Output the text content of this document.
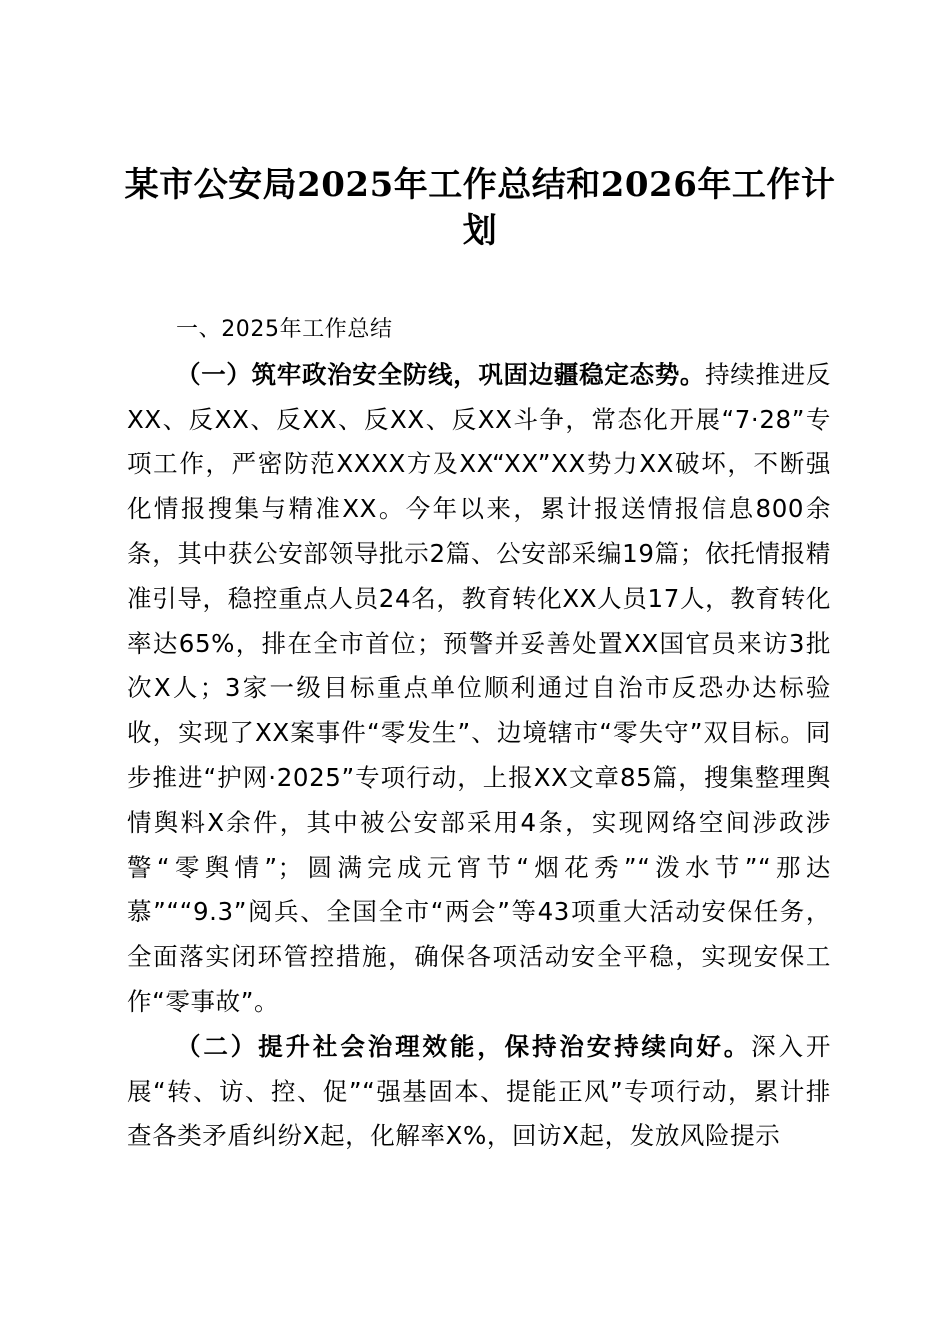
某市公安局2025年工作总结和2026年工作计划

一、2025年工作总结

（一）筑牢政治安全防线，巩固边疆稳定态势。持续推进反XX、反XX、反XX、反XX、反XX斗争，常态化开展“7·28”专项工作，严密防范XXXX方及XX“XX”XX势力XX破坏，不断强化情报搜集与精准XX。今年以来，累计报送情报信息800余条，其中获公安部领导批示2篇、公安部采编19篇；依托情报精准引导，稳控重点人员24名，教育转化XX人员17人，教育转化率达65%，排在全市首位；预警并妥善处置XX国官员来访3批次X人；3家一级目标重点单位顺利通过自治市反恐办达标验收，实现了XX案事件“零发生”、边境辖市“零失守”双目标。同步推进“护网·2025”专项行动，上报XX文章85篇，搜集整理舆情舆料X余件，其中被公安部采用4条，实现网络空间涉政涉警“零舆情”；圆满完成元宵节“烟花秀”“泼水节”“那达慕”““9.3”阅兵、全国全市“两会”等43项重大活动安保任务，全面落实闭环管控措施，确保各项活动安全平稳，实现安保工作“零事故”。

（二）提升社会治理效能，保持治安持续向好。深入开展“转、访、控、促”“强基固本、提能正风”专项行动，累计排查各类矛盾纠纷X起，化解率X%，回访X起，发放风险提示
